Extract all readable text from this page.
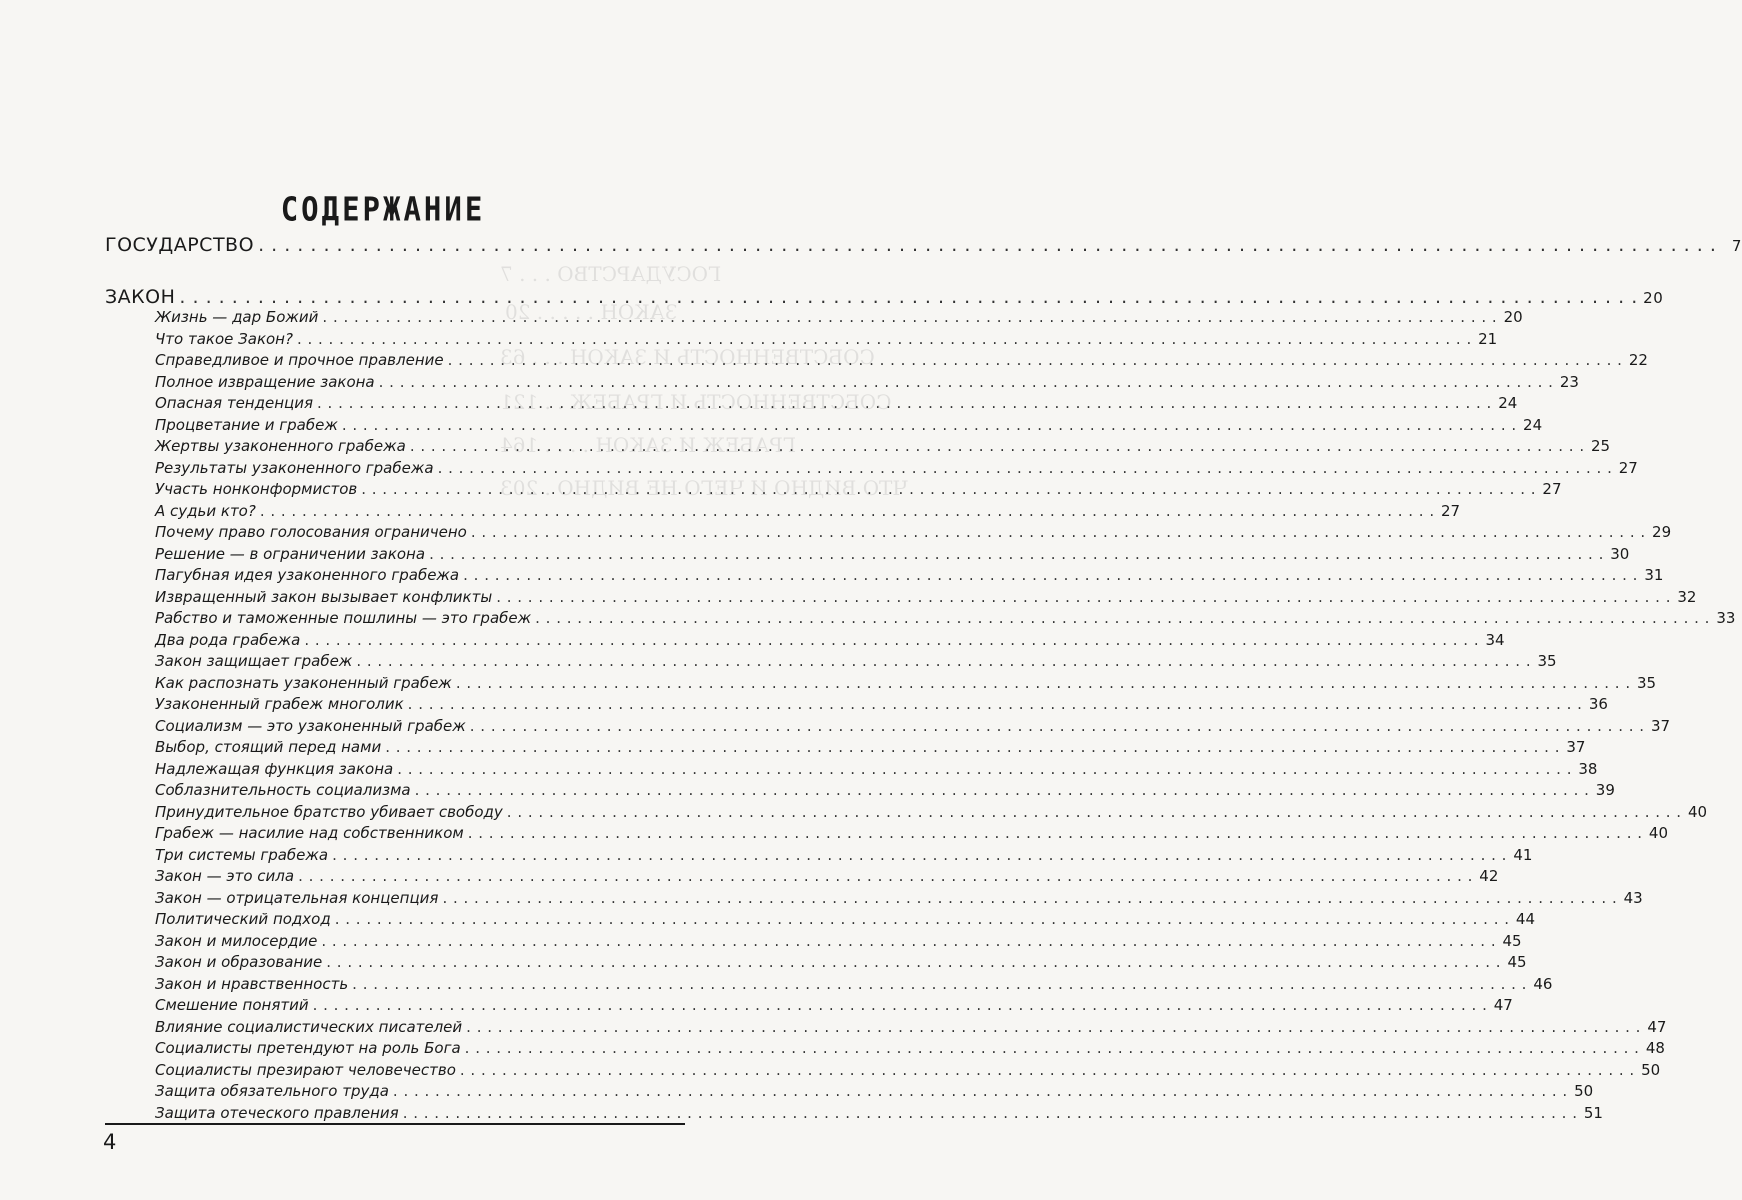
ГОСУДАРСТВО . . . 7
ЗАКОН . . . . . 20
СОБСТВЕННОСТЬ И ЗАКОН . . . 63
СОБСТВЕННОСТЬ И ГРАБЕЖ . . 121
ГРАБЕЖ И ЗАКОН . . . . 164
ЧТО ВИДНО И ЧЕГО НЕ ВИДНО . 203
СОДЕРЖАНИЕ
ГОСУДАРСТВО . . .	7
ЗАКОН . . .	20
Жизнь — дар Божий . . .	20
Что такое Закон? . . .	21
Справедливое и прочное правление . . .	22
Полное извращение закона . . .	23
Опасная тенденция . . .	24
Процветание и грабеж . . .	24
Жертвы узаконенного грабежа . . .	25
Результаты узаконенного грабежа . . .	27
Участь нонконформистов . . .	27
А судьи кто? . . .	27
Почему право голосования ограничено . . .	29
Решение — в ограничении закона . . .	30
Пагубная идея узаконенного грабежа . . .	31
Извращенный закон вызывает конфликты . . .	32
Рабство и таможенные пошлины — это грабеж . . .	33
Два рода грабежа . . .	34
Закон защищает грабеж . . .	35
Как распознать узаконенный грабеж . . .	35
Узаконенный грабеж многолик . . .	36
Социализм — это узаконенный грабеж . . .	37
Выбор, стоящий перед нами . . .	37
Надлежащая функция закона . . .	38
Соблазнительность социализма . . .	39
Принудительное братство убивает свободу . . .	40
Грабеж — насилие над собственником . . .	40
Три системы грабежа . . .	41
Закон — это сила . . .	42
Закон — отрицательная концепция . . .	43
Политический подход . . .	44
Закон и милосердие . . .	45
Закон и образование . . .	45
Закон и нравственность . . .	46
Смешение понятий . . .	47
Влияние социалистических писателей . . .	47
Социалисты претендуют на роль Бога . . .	48
Социалисты презирают человечество . . .	50
Защита обязательного труда . . .	50
Защита отеческого правления . . .	51
4
